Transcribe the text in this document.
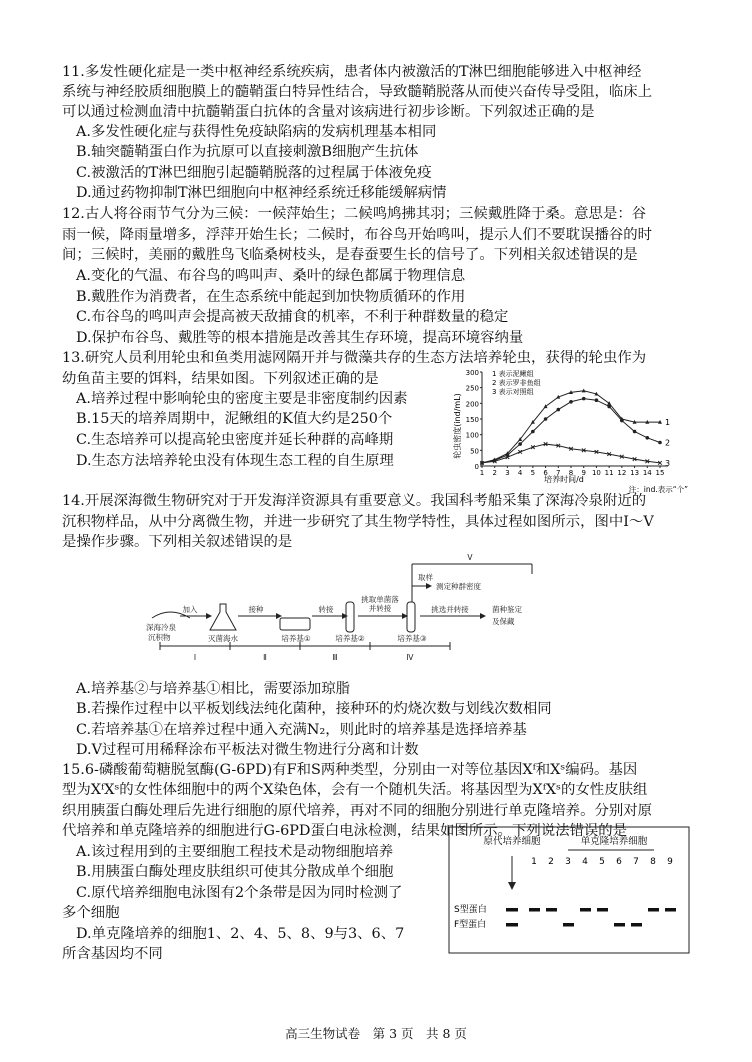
11.多发性硬化症是一类中枢神经系统疾病，患者体内被激活的T淋巴细胞能够进入中枢神经
系统与神经胶质细胞膜上的髓鞘蛋白特异性结合，导致髓鞘脱落从而使兴奋传导受阻，临床上
可以通过检测血清中抗髓鞘蛋白抗体的含量对该病进行初步诊断。下列叙述正确的是
A.多发性硬化症与获得性免疫缺陷病的发病机理基本相同
B.轴突髓鞘蛋白作为抗原可以直接刺激B细胞产生抗体
C.被激活的T淋巴细胞引起髓鞘脱落的过程属于体液免疫
D.通过药物抑制T淋巴细胞向中枢神经系统迁移能缓解病情
12.古人将谷雨节气分为三候：一候萍始生；二候鸣鸠拂其羽；三候戴胜降于桑。意思是：谷
雨一候，降雨量增多，浮萍开始生长；二候时，布谷鸟开始鸣叫，提示人们不要耽误播谷的时
间；三候时，美丽的戴胜鸟飞临桑树枝头，是春蚕要生长的信号了。下列相关叙述错误的是
A.变化的气温、布谷鸟的鸣叫声、桑叶的绿色都属于物理信息
B.戴胜作为消费者，在生态系统中能起到加快物质循环的作用
C.布谷鸟的鸣叫声会提高被天敌捕食的机率，不利于种群数量的稳定
D.保护布谷鸟、戴胜等的根本措施是改善其生存环境，提高环境容纳量
13.研究人员利用轮虫和鱼类用滤网隔开并与微藻共存的生态方法培养轮虫，获得的轮虫作为
幼鱼苗主要的饵料，结果如图。下列叙述正确的是
A.培养过程中影响轮虫的密度主要是非密度制约因素
B.15天的培养周期中，泥鳅组的K值大约是250个
C.生态培养可以提高轮虫密度并延长种群的高峰期
D.生态方法培养轮虫没有体现生态工程的自生原理
轮虫密度(ind/mL)
0
50
100
150
200
250
300
1 2 3 4 5 6 7 8 9 10 11 12 13 14 15
1
2
3
1 表示泥鳅组
2 表示罗非鱼组
3 表示对照组
培养时间/d
注：ind.表示“个”
14.开展深海微生物研究对于开发海洋资源具有重要意义。我国科考船采集了深海冷泉附近的
沉积物样品，从中分离微生物，并进一步研究了其生物学特性，具体过程如图所示，图中Ⅰ～Ⅴ
是操作步骤。下列相关叙述错误的是
Ⅴ
取样
测定种群密度
加入	接种	转接
挑取单菌落
并转接	挑选并转接	菌种鉴定
及保藏
深海冷泉
沉积物	灭菌海水	培养基①	培养基②	培养基③
Ⅰ	Ⅱ	Ⅲ	Ⅳ
A.培养基②与培养基①相比，需要添加琼脂
B.若操作过程中以平板划线法纯化菌种，接种环的灼烧次数与划线次数相同
C.若培养基①在培养过程中通入充满N₂，则此时的培养基是选择培养基
D.Ⅴ过程可用稀释涂布平板法对微生物进行分离和计数
15.6-磷酸葡萄糖脱氢酶(G-6PD)有F和S两种类型，分别由一对等位基因Xᶠ和Xˢ编码。基因
型为XᶠXˢ的女性体细胞中的两个X染色体，会有一个随机失活。将基因型为XᶠXˢ的女性皮肤组
织用胰蛋白酶处理后先进行细胞的原代培养，再对不同的细胞分别进行单克隆培养。分别对原
代培养和单克隆培养的细胞进行G-6PD蛋白电泳检测，结果如图所示。下列说法错误的是
A.该过程用到的主要细胞工程技术是动物细胞培养
B.用胰蛋白酶处理皮肤组织可使其分散成单个细胞
C.原代培养细胞电泳图有2个条带是因为同时检测了
多个细胞
D.单克隆培养的细胞1、2、4、5、8、9与3、6、7
所含基因均不同
原代培养细胞	单克隆培养细胞
1 2 3 4 5 6 7 8 9
S型蛋白
F型蛋白
高三生物试卷　第 3 页　共 8 页
